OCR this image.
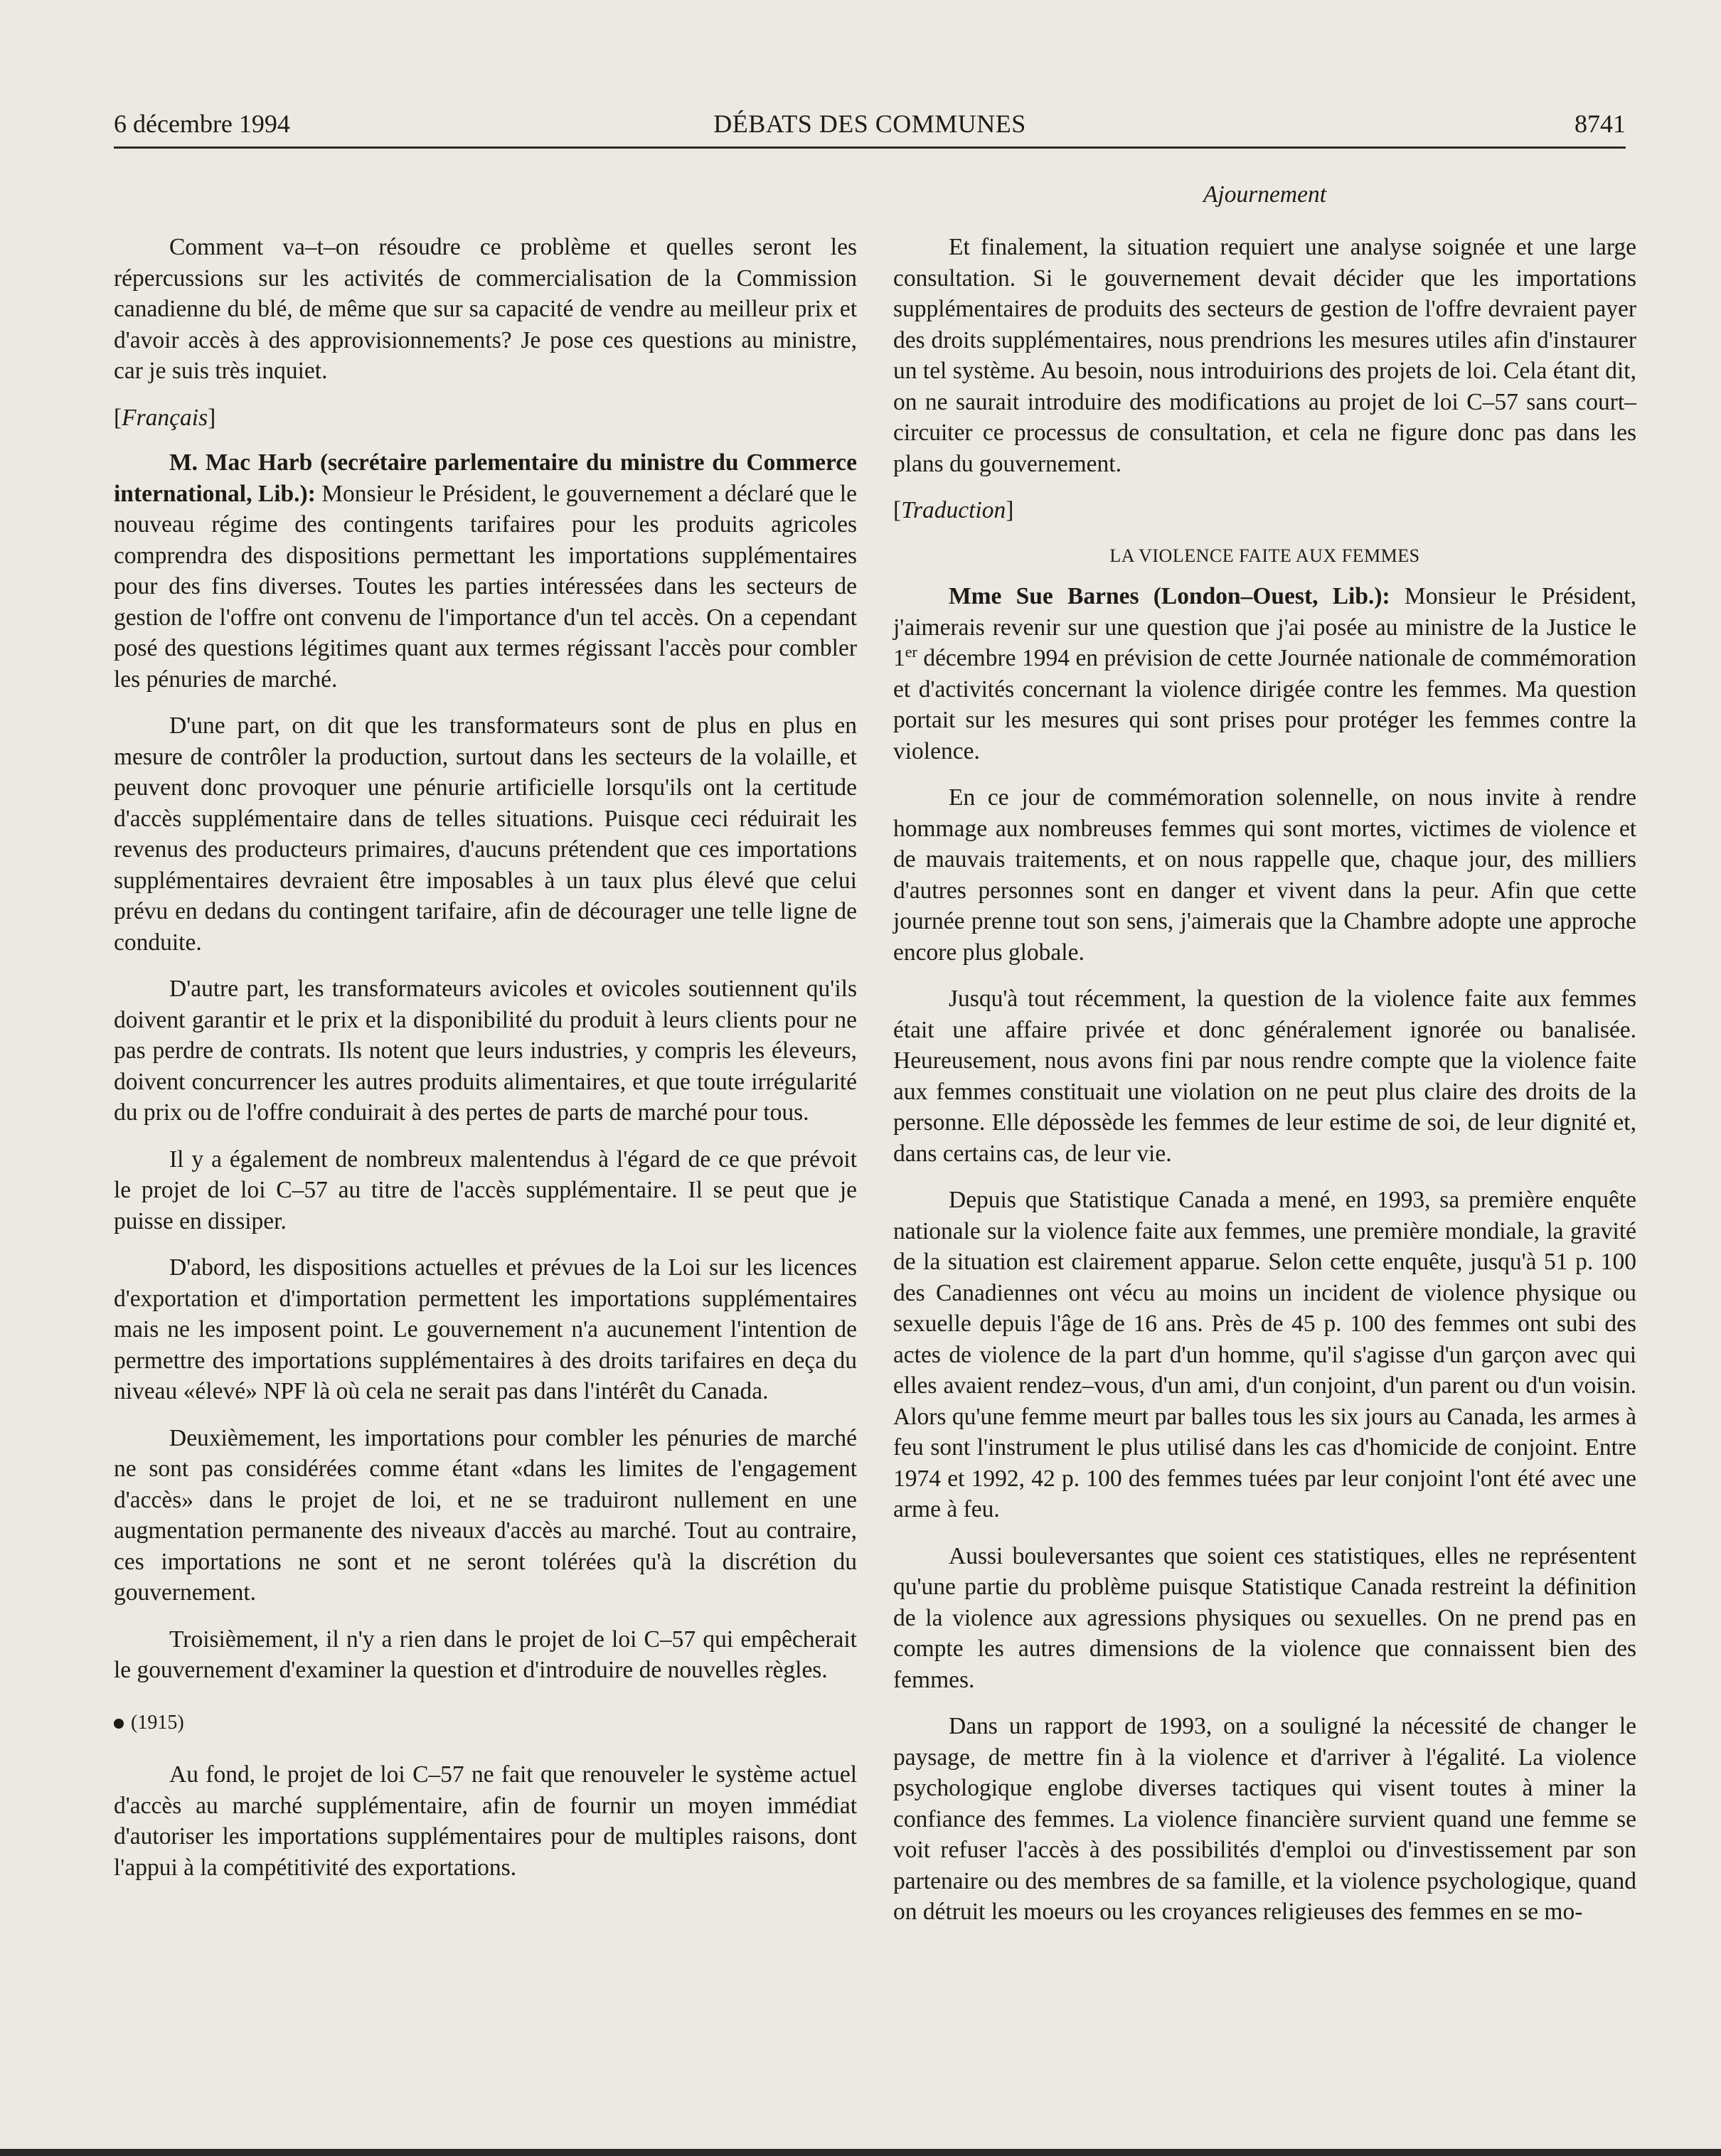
6 décembre 1994	DÉBATS DES COMMUNES	8741
Ajournement

Comment va–t–on résoudre ce problème et quelles seront les répercussions sur les activités de commercialisation de la Commission canadienne du blé, de même que sur sa capacité de vendre au meilleur prix et d'avoir accès à des approvisionnements? Je pose ces questions au ministre, car je suis très inquiet.

[Français]

M. Mac Harb (secrétaire parlementaire du ministre du Commerce international, Lib.): Monsieur le Président, le gouvernement a déclaré que le nouveau régime des contingents tarifaires pour les produits agricoles comprendra des dispositions permettant les importations supplémentaires pour des fins diverses. Toutes les parties intéressées dans les secteurs de gestion de l'offre ont convenu de l'importance d'un tel accès. On a cependant posé des questions légitimes quant aux termes régissant l'accès pour combler les pénuries de marché.

D'une part, on dit que les transformateurs sont de plus en plus en mesure de contrôler la production, surtout dans les secteurs de la volaille, et peuvent donc provoquer une pénurie artificielle lorsqu'ils ont la certitude d'accès supplémentaire dans de telles situations. Puisque ceci réduirait les revenus des producteurs primaires, d'aucuns prétendent que ces importations supplémentaires devraient être imposables à un taux plus élevé que celui prévu en dedans du contingent tarifaire, afin de décourager une telle ligne de conduite.

D'autre part, les transformateurs avicoles et ovicoles soutiennent qu'ils doivent garantir et le prix et la disponibilité du produit à leurs clients pour ne pas perdre de contrats. Ils notent que leurs industries, y compris les éleveurs, doivent concurrencer les autres produits alimentaires, et que toute irrégularité du prix ou de l'offre conduirait à des pertes de parts de marché pour tous.

Il y a également de nombreux malentendus à l'égard de ce que prévoit le projet de loi C–57 au titre de l'accès supplémentaire. Il se peut que je puisse en dissiper.

D'abord, les dispositions actuelles et prévues de la Loi sur les licences d'exportation et d'importation permettent les importations supplémentaires mais ne les imposent point. Le gouvernement n'a aucunement l'intention de permettre des importations supplémentaires à des droits tarifaires en deça du niveau «élevé» NPF là où cela ne serait pas dans l'intérêt du Canada.

Deuxièmement, les importations pour combler les pénuries de marché ne sont pas considérées comme étant «dans les limites de l'engagement d'accès» dans le projet de loi, et ne se traduiront nullement en une augmentation permanente des niveaux d'accès au marché. Tout au contraire, ces importations ne sont et ne seront tolérées qu'à la discrétion du gouvernement.

Troisièmement, il n'y a rien dans le projet de loi C–57 qui empêcherait le gouvernement d'examiner la question et d'introduire de nouvelles règles.

(1915)

Au fond, le projet de loi C–57 ne fait que renouveler le système actuel d'accès au marché supplémentaire, afin de fournir un moyen immédiat d'autoriser les importations supplémentaires pour de multiples raisons, dont l'appui à la compétitivité des exportations.

Et finalement, la situation requiert une analyse soignée et une large consultation. Si le gouvernement devait décider que les importations supplémentaires de produits des secteurs de gestion de l'offre devraient payer des droits supplémentaires, nous prendrions les mesures utiles afin d'instaurer un tel système. Au besoin, nous introduirions des projets de loi. Cela étant dit, on ne saurait introduire des modifications au projet de loi C–57 sans court–circuiter ce processus de consultation, et cela ne figure donc pas dans les plans du gouvernement.

[Traduction]

LA VIOLENCE FAITE AUX FEMMES

Mme Sue Barnes (London–Ouest, Lib.): Monsieur le Président, j'aimerais revenir sur une question que j'ai posée au ministre de la Justice le 1er décembre 1994 en prévision de cette Journée nationale de commémoration et d'activités concernant la violence dirigée contre les femmes. Ma question portait sur les mesures qui sont prises pour protéger les femmes contre la violence.

En ce jour de commémoration solennelle, on nous invite à rendre hommage aux nombreuses femmes qui sont mortes, victimes de violence et de mauvais traitements, et on nous rappelle que, chaque jour, des milliers d'autres personnes sont en danger et vivent dans la peur. Afin que cette journée prenne tout son sens, j'aimerais que la Chambre adopte une approche encore plus globale.

Jusqu'à tout récemment, la question de la violence faite aux femmes était une affaire privée et donc généralement ignorée ou banalisée. Heureusement, nous avons fini par nous rendre compte que la violence faite aux femmes constituait une violation on ne peut plus claire des droits de la personne. Elle dépossède les femmes de leur estime de soi, de leur dignité et, dans certains cas, de leur vie.

Depuis que Statistique Canada a mené, en 1993, sa première enquête nationale sur la violence faite aux femmes, une première mondiale, la gravité de la situation est clairement apparue. Selon cette enquête, jusqu'à 51 p. 100 des Canadiennes ont vécu au moins un incident de violence physique ou sexuelle depuis l'âge de 16 ans. Près de 45 p. 100 des femmes ont subi des actes de violence de la part d'un homme, qu'il s'agisse d'un garçon avec qui elles avaient rendez–vous, d'un ami, d'un conjoint, d'un parent ou d'un voisin. Alors qu'une femme meurt par balles tous les six jours au Canada, les armes à feu sont l'instrument le plus utilisé dans les cas d'homicide de conjoint. Entre 1974 et 1992, 42 p. 100 des femmes tuées par leur conjoint l'ont été avec une arme à feu.

Aussi bouleversantes que soient ces statistiques, elles ne représentent qu'une partie du problème puisque Statistique Canada restreint la définition de la violence aux agressions physiques ou sexuelles. On ne prend pas en compte les autres dimensions de la violence que connaissent bien des femmes.

Dans un rapport de 1993, on a souligné la nécessité de changer le paysage, de mettre fin à la violence et d'arriver à l'égalité. La violence psychologique englobe diverses tactiques qui visent toutes à miner la confiance des femmes. La violence financière survient quand une femme se voit refuser l'accès à des possibilités d'emploi ou d'investissement par son partenaire ou des membres de sa famille, et la violence psychologique, quand on détruit les moeurs ou les croyances religieuses des femmes en se mo-
